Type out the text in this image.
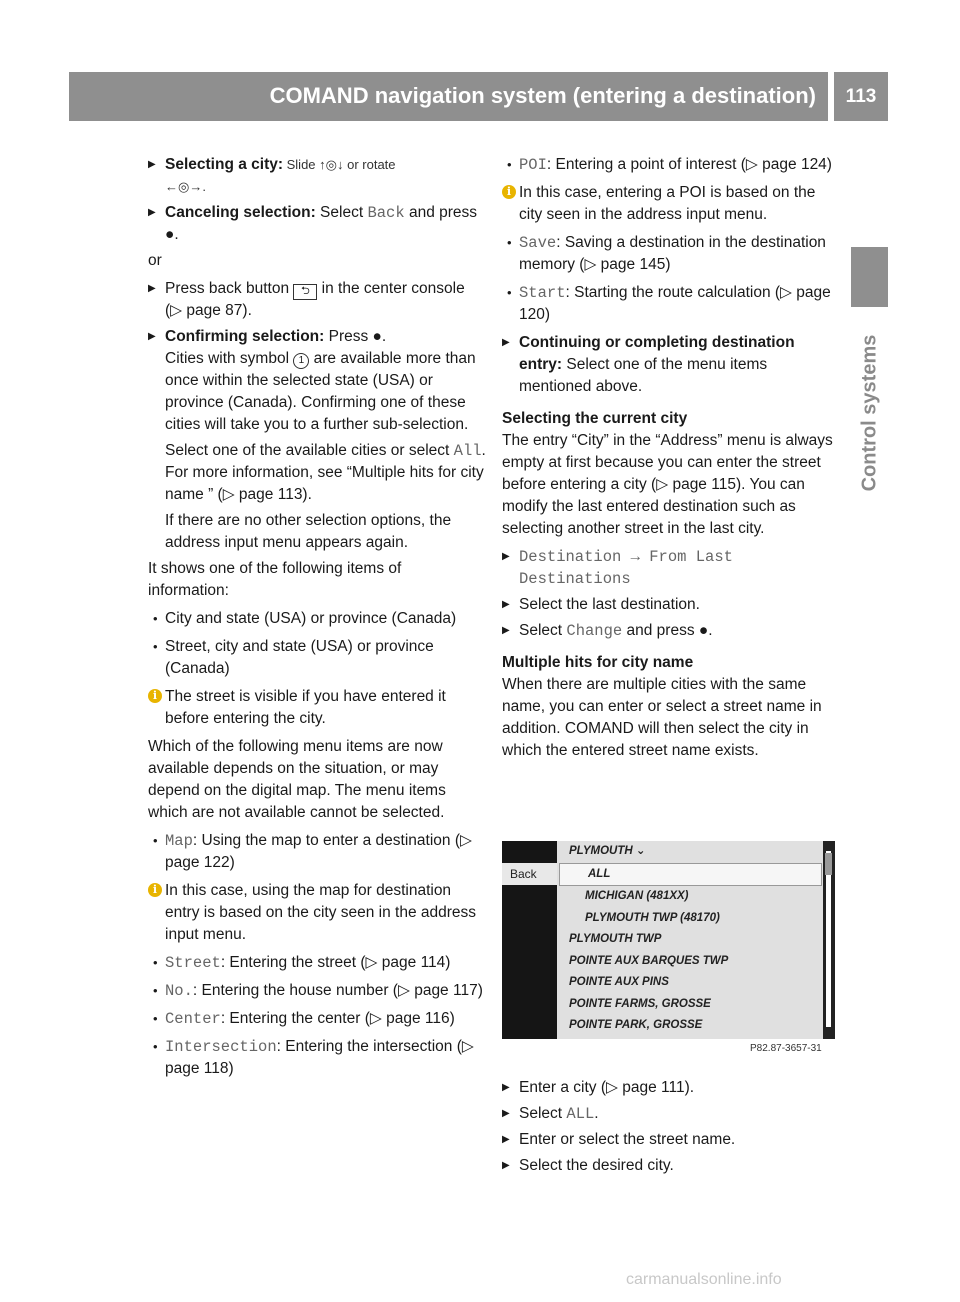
COMAND navigation system (entering a destination)	113
Control systems

▶ Selecting a city: Slide ↑◎↓ or rotate
←◎→.

▶ Canceling selection: Select Back and press ●.

or

▶ Press back button ⮌ in the center console (▷ page 87).

▶ Confirming selection: Press ●.

Cities with symbol 1 are available more than once within the selected state (USA) or province (Canada). Confirming one of these cities will take you to a further sub-selection.

Select one of the available cities or select All. For more information, see “Multiple hits for city name ” (▷ page 113).

If there are no other selection options, the address input menu appears again.

It shows one of the following items of information:

• City and state (USA) or province (Canada)

• Street, city and state (USA) or province (Canada)

i The street is visible if you have entered it before entering the city.

Which of the following menu items are now available depends on the situation, or may depend on the digital map. The menu items which are not available cannot be selected.

• Map: Using the map to enter a destination (▷ page 122)

i In this case, using the map for destination entry is based on the city seen in the address input menu.

• Street: Entering the street (▷ page 114)

• No.: Entering the house number (▷ page 117)

• Center: Entering the center (▷ page 116)

• Intersection: Entering the intersection (▷ page 118)

• POI: Entering a point of interest (▷ page 124)

i In this case, entering a POI is based on the city seen in the address input menu.

• Save: Saving a destination in the destination memory (▷ page 145)

• Start: Starting the route calculation (▷ page 120)

▶ Continuing or completing destination entry: Select one of the menu items mentioned above.

Selecting the current city

The entry “City” in the “Address” menu is always empty at first because you can enter the street before entering a city (▷ page 115). You can modify the last entered destination such as selecting another street in the last city.

▶ Destination → From Last Destinations

▶ Select the last destination.

▶ Select Change and press ●.

Multiple hits for city name

When there are multiple cities with the same name, you can enter or select a street name in addition. COMAND will then select the city in which the entered street name exists.

Back
PLYMOUTH ⌄
ALL
MICHIGAN (481XX)
PLYMOUTH TWP (48170)
PLYMOUTH TWP
POINTE AUX BARQUES TWP
POINTE AUX PINS
POINTE FARMS, GROSSE
POINTE PARK, GROSSE
P82.87-3657-31

▶ Enter a city (▷ page 111).

▶ Select ALL.

▶ Enter or select the street name.

▶ Select the desired city.

carmanualsonline.info
